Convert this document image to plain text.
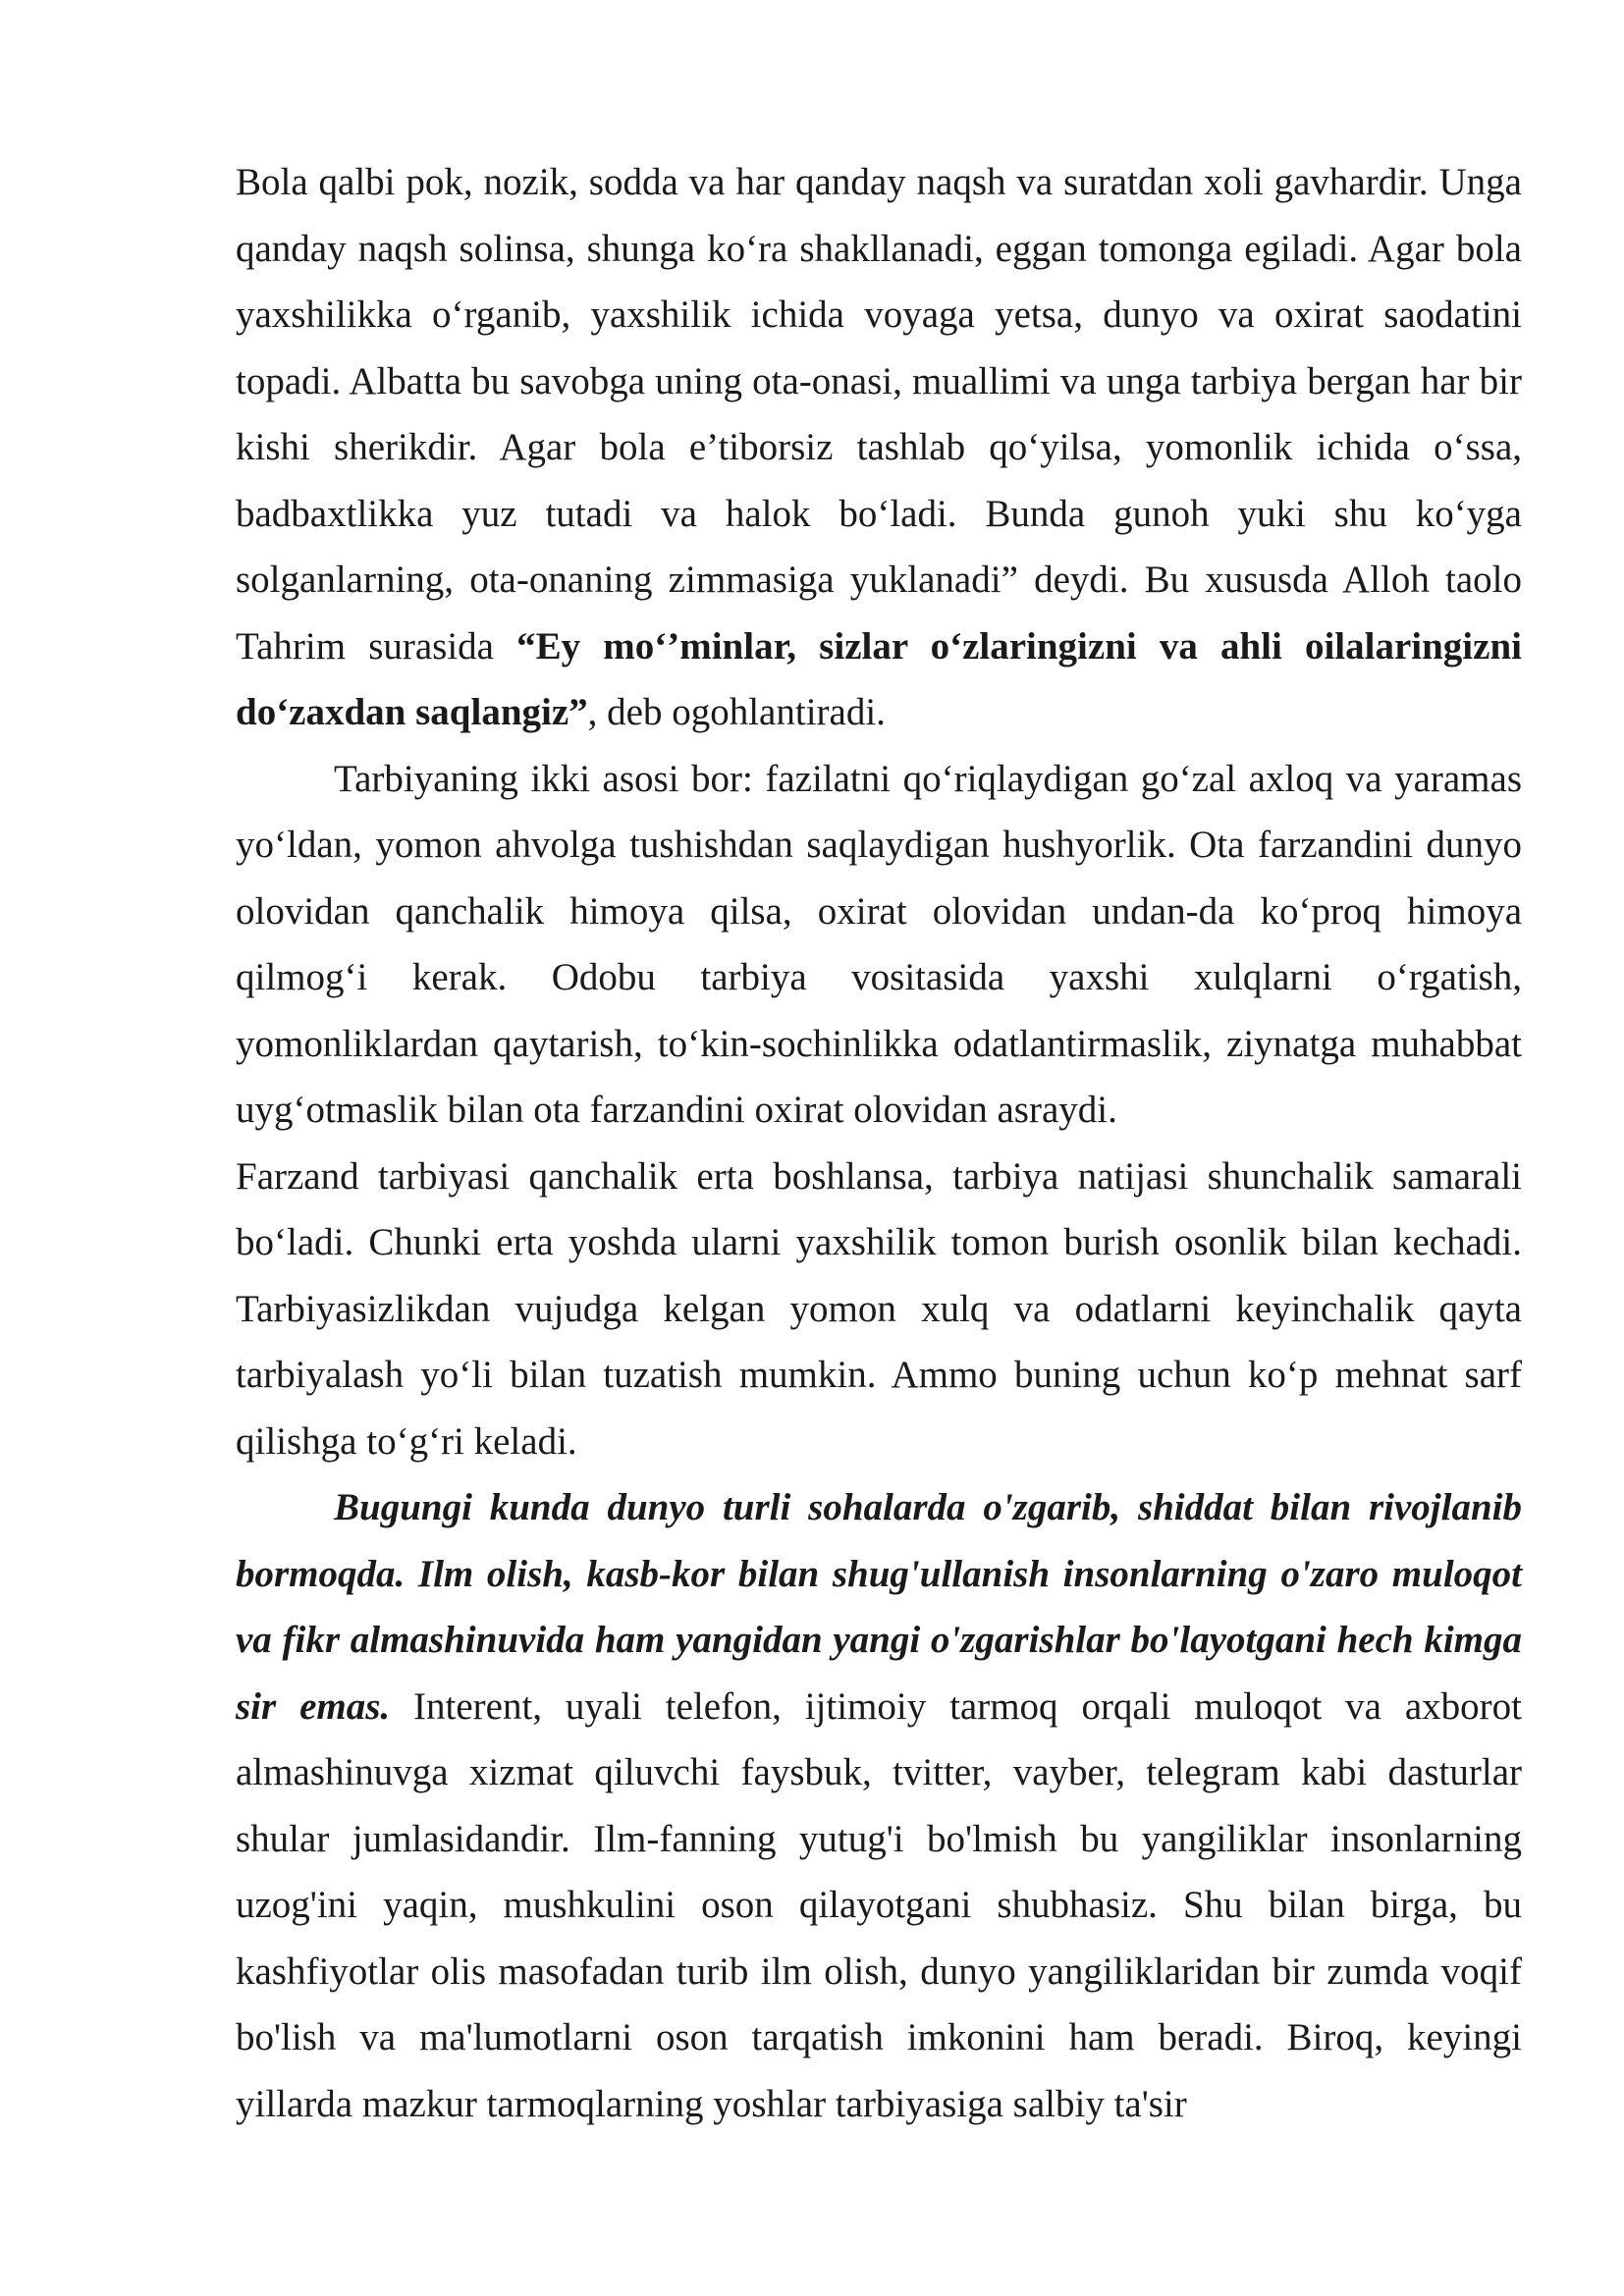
Bola qalbi pok, nozik, sodda va har qanday naqsh va suratdan xoli gavhardir. Unga qanday naqsh solinsa, shunga ko‘ra shakllanadi, eggan tomonga egiladi. Agar bola yaxshilikka o‘rganib, yaxshilik ichida voyaga yetsa, dunyo va oxirat saodatini topadi. Albatta bu savobga uning ota-onasi, muallimi va unga tarbiya bergan har bir kishi sherikdir. Agar bola e’tiborsiz tashlab qo‘yilsa, yomonlik ichida o‘ssa, badbaxtlikka yuz tutadi va halok bo‘ladi. Bunda gunoh yuki shu ko‘yga solganlarning, ota-onaning zimmasiga yuklanadi” deydi. Bu xususda Alloh taolo Tahrim surasida “Ey mo‘’minlar, sizlar o‘zlaringizni va ahli oilalaringizni do‘zaxdan saqlangiz”, deb ogohlantiradi.

Tarbiyaning ikki asosi bor: fazilatni qo‘riqlaydigan go‘zal axloq va yaramas yo‘ldan, yomon ahvolga tushishdan saqlaydigan hushyorlik. Ota farzandini dunyo olovidan qanchalik himoya qilsa, oxirat olovidan undan-da ko‘proq himoya qilmog‘i kerak. Odobu tarbiya vositasida yaxshi xulqlarni o‘rgatish, yomonliklardan qaytarish, to‘kin-sochinlikka odatlantirmaslik, ziynatga muhabbat uyg‘otmaslik bilan ota farzandini oxirat olovidan asraydi.

Farzand tarbiyasi qanchalik erta boshlansa, tarbiya natijasi shunchalik samarali bo‘ladi. Chunki erta yoshda ularni yaxshilik tomon burish osonlik bilan kechadi. Tarbiyasizlikdan vujudga kelgan yomon xulq va odatlarni keyinchalik qayta tarbiyalash yo‘li bilan tuzatish mumkin. Ammo buning uchun ko‘p mehnat sarf qilishga to‘g‘ri keladi.

Bugungi kunda dunyo turli sohalarda o'zgarib, shiddat bilan rivojlanib bormoqda. Ilm olish, kasb-kor bilan shug'ullanish insonlarning o'zaro muloqot va fikr almashinuvida ham yangidan yangi o'zgarishlar bo'layotgani hech kimga sir emas. Interent, uyali telefon, ijtimoiy tarmoq orqali muloqot va axborot almashinuvga xizmat qiluvchi faysbuk, tvitter, vayber, telegram kabi dasturlar shular jumlasidandir. Ilm-fanning yutug'i bo'lmish bu yangiliklar insonlarning uzog'ini yaqin, mushkulini oson qilayotgani shubhasiz. Shu bilan birga, bu kashfiyotlar olis masofadan turib ilm olish, dunyo yangiliklaridan bir zumda voqif bo'lish va ma'lumotlarni oson tarqatish imkonini ham beradi. Biroq, keyingi yillarda mazkur tarmoqlarning yoshlar tarbiyasiga salbiy ta'sir
